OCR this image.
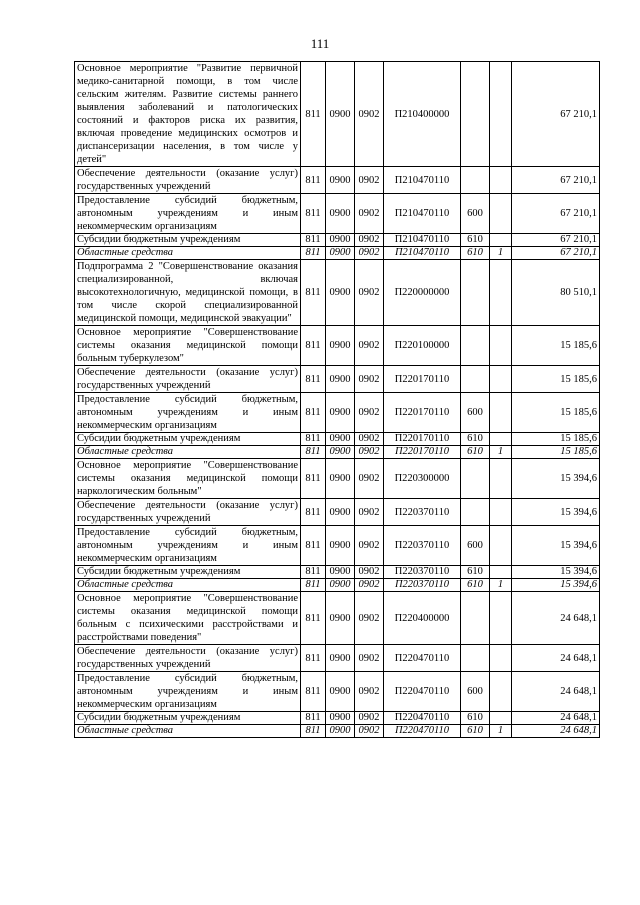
111
Основное мероприятие "Развитие первичной медико-санитарной помощи, в том числе сельским жителям. Развитие системы раннего выявления заболеваний и патологических состояний и факторов риска их развития, включая проведение медицинских осмотров и диспансеризации населения, в том числе у детей"	811	0900	0902	П210400000			67 210,1
Обеспечение деятельности (оказание услуг) государственных учреждений	811	0900	0902	П210470110			67 210,1
Предоставление субсидий бюджетным, автономным учреждениям и иным некоммерческим организациям	811	0900	0902	П210470110	600		67 210,1
Субсидии бюджетным учреждениям	811	0900	0902	П210470110	610		67 210,1
Областные средства	811	0900	0902	П210470110	610	1	67 210,1
Подпрограмма 2 "Совершенствование оказания специализированной, включая высокотехнологичную, медицинской помощи, в том числе скорой специализированной медицинской помощи, медицинской эвакуации"	811	0900	0902	П220000000			80 510,1
Основное мероприятие "Совершенствование системы оказания медицинской помощи больным туберкулезом"	811	0900	0902	П220100000			15 185,6
Обеспечение деятельности (оказание услуг) государственных учреждений	811	0900	0902	П220170110			15 185,6
Предоставление субсидий бюджетным, автономным учреждениям и иным некоммерческим организациям	811	0900	0902	П220170110	600		15 185,6
Субсидии бюджетным учреждениям	811	0900	0902	П220170110	610		15 185,6
Областные средства	811	0900	0902	П220170110	610	1	15 185,6
Основное мероприятие "Совершенствование системы оказания медицинской помощи наркологическим больным"	811	0900	0902	П220300000			15 394,6
Обеспечение деятельности (оказание услуг) государственных учреждений	811	0900	0902	П220370110			15 394,6
Предоставление субсидий бюджетным, автономным учреждениям и иным некоммерческим организациям	811	0900	0902	П220370110	600		15 394,6
Субсидии бюджетным учреждениям	811	0900	0902	П220370110	610		15 394,6
Областные средства	811	0900	0902	П220370110	610	1	15 394,6
Основное мероприятие "Совершенствование системы оказания медицинской помощи больным с психическими расстройствами и расстройствами поведения"	811	0900	0902	П220400000			24 648,1
Обеспечение деятельности (оказание услуг) государственных учреждений	811	0900	0902	П220470110			24 648,1
Предоставление субсидий бюджетным, автономным учреждениям и иным некоммерческим организациям	811	0900	0902	П220470110	600		24 648,1
Субсидии бюджетным учреждениям	811	0900	0902	П220470110	610		24 648,1
Областные средства	811	0900	0902	П220470110	610	1	24 648,1
